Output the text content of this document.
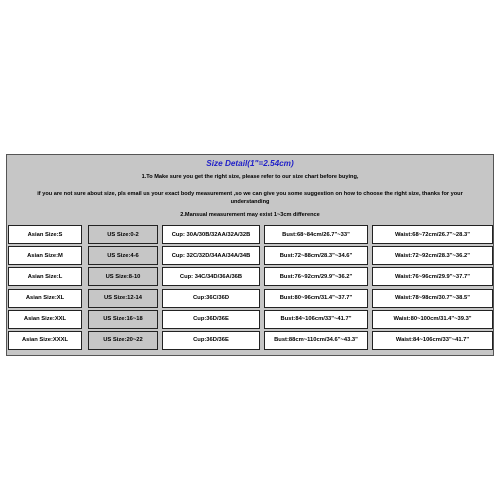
Size Detail(1"=2.54cm)
1.To Make sure you get the right size, please refer to our size chart before buying,
if you are not sure about size, pls email us your exact body measurement ,so we can give you some suggestion on how to choose the right size, thanks for your
understanding
2.Mansual measurement may exist 1~3cm difference
Asian Size:S	US Size:0-2	Cup: 30A/30B/32AA/32A/32B	Bust:68~84cm/26.7"~33"	Waist:68~72cm/26.7"~28.3"
Asian Size:M	US Size:4-6	Cup: 32C/32D/34AA/34A/34B	Bust:72~88cm/28.3"~34.6"	Waist:72~92cm/28.3"~36.2"
Asian Size:L	US Size:8-10	Cup: 34C/34D/36A/36B	Bust:76~92cm/29.9"~36.2"	Waist:76~96cm/29.9"~37.7"
Asian Size:XL	US Size:12-14	Cup:36C/36D	Bust:80~96cm/31.4"~37.7"	Waist:78~98cm/30.7"~38.5"
Asian Size:XXL	US Size:16~18	Cup:36D/36E	Bust:84~106cm/33"~41.7"	Waist:80~100cm/31.4"~39.3"
Asian Size:XXXL	US Size:20~22	Cup:36D/36E	Bust:88cm~110cm/34.6"~43.3"	Waist:84~106cm/33"~41.7"
